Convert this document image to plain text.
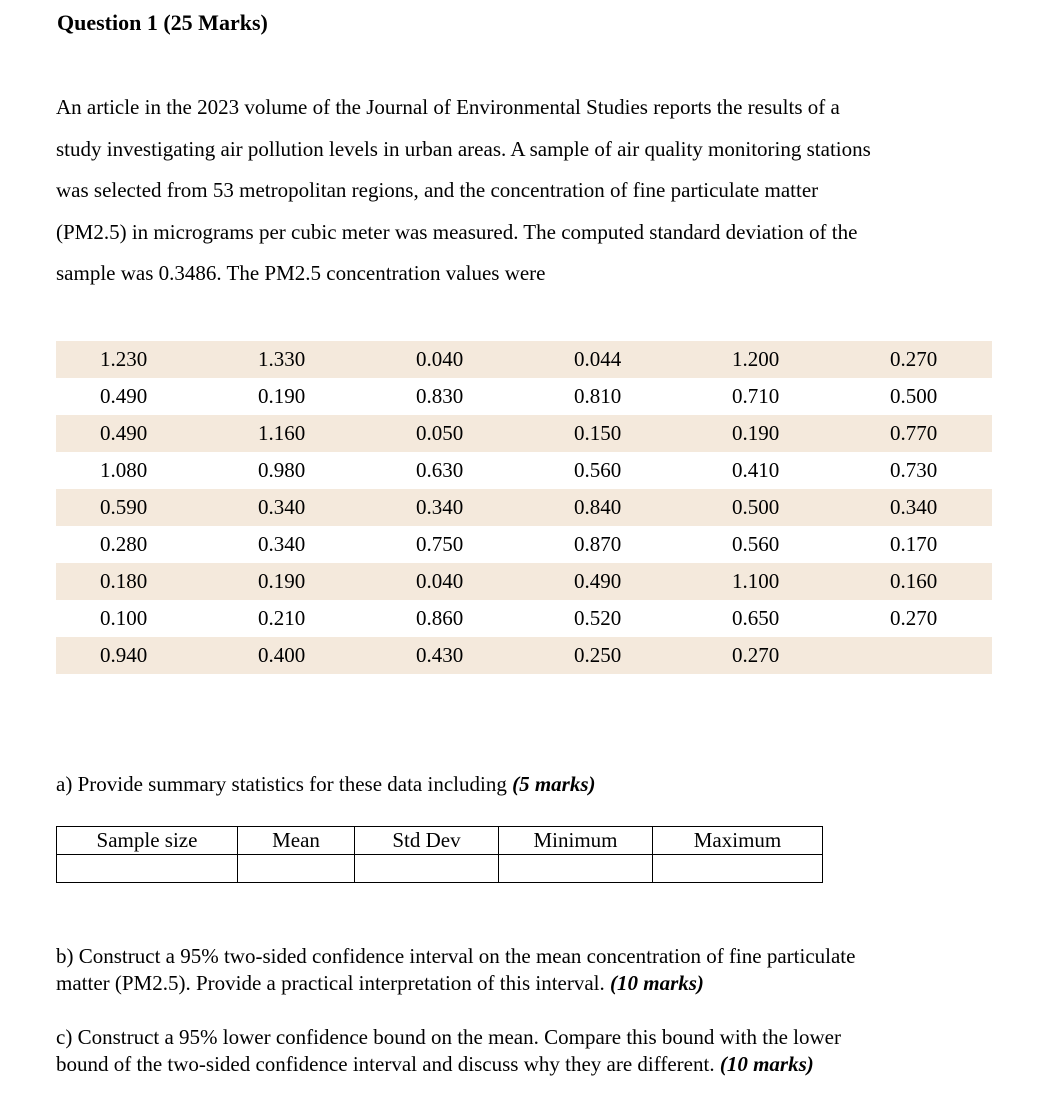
Question 1 (25 Marks)

An article in the 2023 volume of the Journal of Environmental Studies reports the results of a

study investigating air pollution levels in urban areas. A sample of air quality monitoring stations

was selected from 53 metropolitan regions, and the concentration of fine particulate matter

(PM2.5) in micrograms per cubic meter was measured. The computed standard deviation of the

sample was 0.3486. The PM2.5 concentration values were

1.230	1.330	0.040	0.044	1.200	0.270
0.490	0.190	0.830	0.810	0.710	0.500
0.490	1.160	0.050	0.150	0.190	0.770
1.080	0.980	0.630	0.560	0.410	0.730
0.590	0.340	0.340	0.840	0.500	0.340
0.280	0.340	0.750	0.870	0.560	0.170
0.180	0.190	0.040	0.490	1.100	0.160
0.100	0.210	0.860	0.520	0.650	0.270
0.940	0.400	0.430	0.250	0.270	
a) Provide summary statistics for these data including (5 marks)
Sample size	Mean	Std Dev	Minimum	Maximum

b) Construct a 95% two-sided confidence interval on the mean concentration of fine particulate

matter (PM2.5). Provide a practical interpretation of this interval. (10 marks)

c) Construct a 95% lower confidence bound on the mean. Compare this bound with the lower

bound of the two-sided confidence interval and discuss why they are different. (10 marks)
